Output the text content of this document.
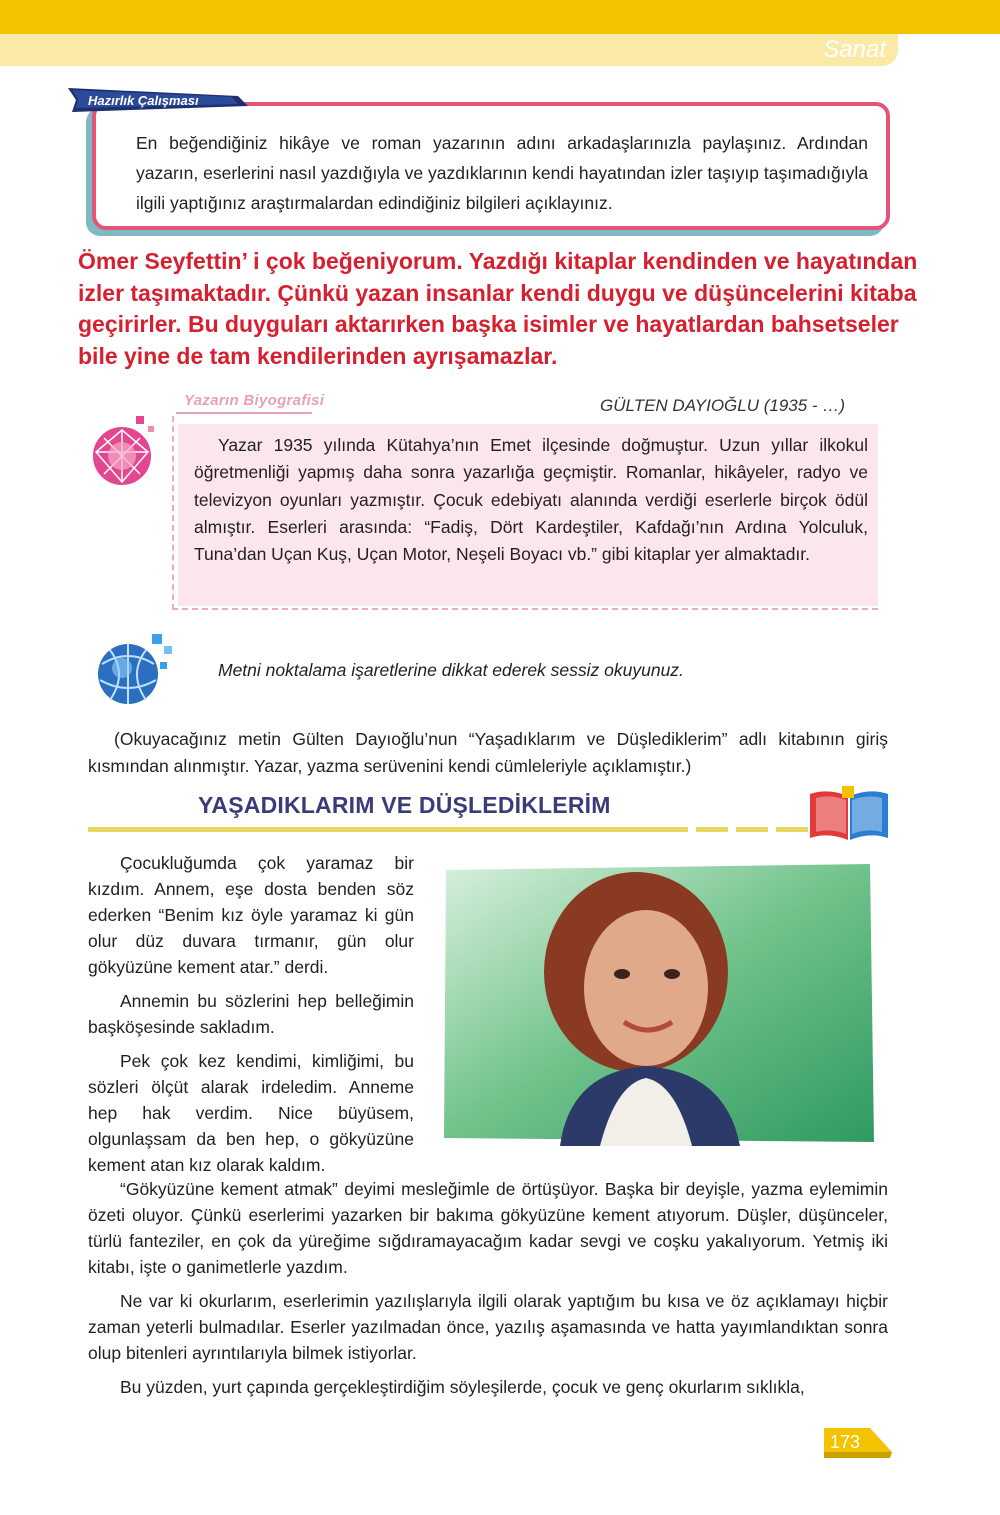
Sanat
Hazırlık Çalışması
En beğendiğiniz hikâye ve roman yazarının adını arkadaşlarınızla paylaşınız. Ardından yazarın, eserlerini nasıl yazdığıyla ve yazdıklarının kendi hayatından izler taşıyıp taşımadığıyla ilgili yaptığınız araştırmalardan edindiğiniz bilgileri açıklayınız.

Ömer Seyfettin’ i çok beğeniyorum. Yazdığı kitaplar kendinden ve hayatından

izler taşımaktadır. Çünkü yazan insanlar kendi duygu ve düşüncelerini kitaba

geçirirler. Bu duyguları aktarırken başka isimler ve hayatlardan bahsetseler

bile yine de tam kendilerinden ayrışamazlar.

Yazarın Biyografisi	GÜLTEN DAYIOĞLU (1935 - …)
Yazar 1935 yılında Kütahya’nın Emet ilçesinde doğmuştur. Uzun yıllar ilkokul öğretmenliği yapmış daha sonra yazarlığa geçmiştir. Romanlar, hikâyeler, radyo ve televizyon oyunları yazmıştır. Çocuk edebiyatı alanında verdiği eserlerle birçok ödül almıştır. Eserleri arasında: “Fadiş, Dört Kardeştiler, Kafdağı’nın Ardına Yolculuk, Tuna’dan Uçan Kuş, Uçan Motor, Neşeli Boyacı vb.” gibi kitaplar yer almaktadır.
Metni noktalama işaretlerine dikkat ederek sessiz okuyunuz.
(Okuyacağınız metin Gülten Dayıoğlu’nun “Yaşadıklarım ve Düşlediklerim” adlı kitabının giriş kısmından alınmıştır. Yazar, yazma serüvenini kendi cümleleriyle açıklamıştır.)
YAŞADIKLARIM VE DÜŞLEDİKLERİM

Çocukluğumda çok yaramaz bir kızdım. Annem, eşe dosta benden söz ederken “Benim kız öyle yaramaz ki gün olur düz duvara tırmanır, gün olur gökyüzüne kement atar.” derdi.

Annemin bu sözlerini hep belleğimin başköşesinde sakladım.

Pek çok kez kendimi, kimliğimi, bu sözleri ölçüt alarak irdeledim. Anneme hep hak verdim. Nice büyüsem, olgunlaşsam da ben hep, o gökyüzüne kement atan kız olarak kaldım.

“Gökyüzüne kement atmak” deyimi mesleğimle de örtüşüyor. Başka bir deyişle, yazma eylemimin özeti oluyor. Çünkü eserlerimi yazarken bir bakıma gökyüzüne kement atıyorum. Düşler, düşünceler, türlü fanteziler, en çok da yüreğime sığdıramayacağım kadar sevgi ve coşku yakalıyorum. Yetmiş iki kitabı, işte o ganimetlerle yazdım.

Ne var ki okurlarım, eserlerimin yazılışlarıyla ilgili olarak yaptığım bu kısa ve öz açıklamayı hiçbir zaman yeterli bulmadılar. Eserler yazılmadan önce, yazılış aşamasında ve hatta yayımlandıktan sonra olup bitenleri ayrıntılarıyla bilmek istiyorlar.

Bu yüzden, yurt çapında gerçekleştirdiğim söyleşilerde, çocuk ve genç okurlarım sıklıkla,

173
